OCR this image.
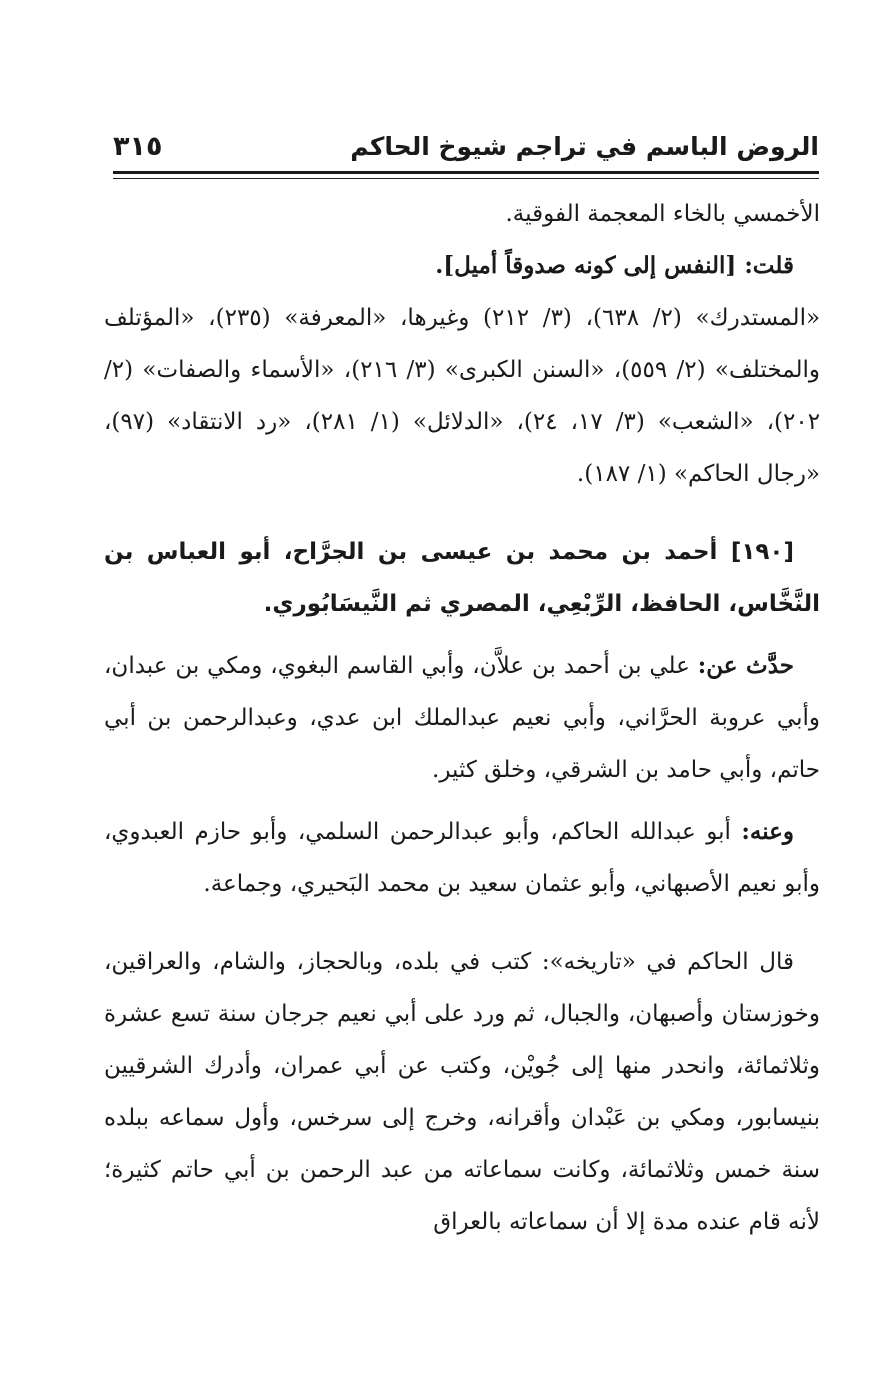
الروض الباسم في تراجم شيوخ الحاكم
٣١٥

الأخمسي بالخاء المعجمة الفوقية.

قلت: [النفس إلى كونه صدوقاً أميل].

«المستدرك» (٢/ ٦٣٨)، (٣/ ٢١٢) وغيرها، «المعرفة» (٢٣٥)، «المؤتلف والمختلف» (٢/ ٥٥٩)، «السنن الكبرى» (٣/ ٢١٦)، «الأسماء والصفات» (٢/ ٢٠٢)، «الشعب» (٣/ ١٧، ٢٤)، «الدلائل» (١/ ٢٨١)، «رد الانتقاد» (٩٧)، «رجال الحاكم» (١/ ١٨٧).

[١٩٠] أحمد بن محمد بن عيسى بن الجرَّاح، أبو العباس بن النَّخَّاس، الحافظ، الرِّبْعِي، المصري ثم النَّيسَابُوري.

حدَّث عن: علي بن أحمد بن علاَّن، وأبي القاسم البغوي، ومكي بن عبدان، وأبي عروبة الحرَّاني، وأبي نعيم عبدالملك ابن عدي، وعبدالرحمن بن أبي حاتم، وأبي حامد بن الشرقي، وخلق كثير.

وعنه: أبو عبدالله الحاكم، وأبو عبدالرحمن السلمي، وأبو حازم العبدوي، وأبو نعيم الأصبهاني، وأبو عثمان سعيد بن محمد البَحيري، وجماعة.

قال الحاكم في «تاريخه»: كتب في بلده، وبالحجاز، والشام، والعراقين، وخوزستان وأصبهان، والجبال، ثم ورد على أبي نعيم جرجان سنة تسع عشرة وثلاثمائة، وانحدر منها إلى جُويْن، وكتب عن أبي عمران، وأدرك الشرقيين بنيسابور، ومكي بن عَبْدان وأقرانه، وخرج إلى سرخس، وأول سماعه ببلده سنة خمس وثلاثمائة، وكانت سماعاته من عبد الرحمن بن أبي حاتم كثيرة؛ لأنه قام عنده مدة إلا أن سماعاته بالعراق
